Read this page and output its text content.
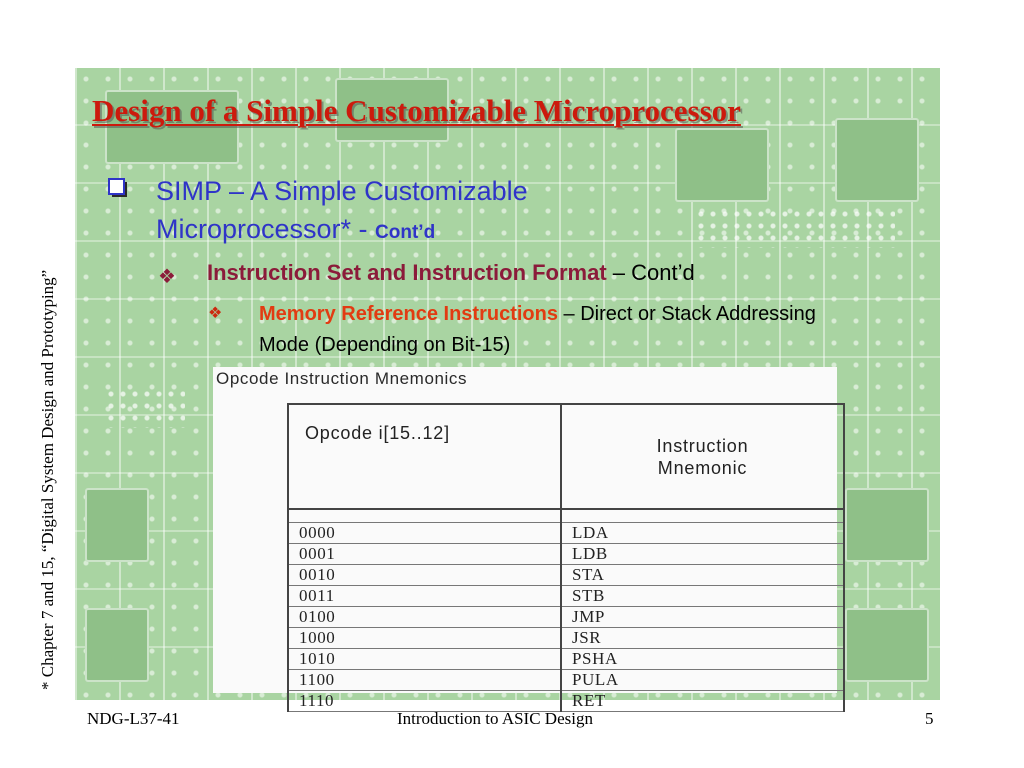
Design of a Simple Customizable Microprocessor
SIMP – A Simple Customizable Microprocessor* - Cont’d
❖ Instruction Set and Instruction Format – Cont’d
❖ Memory Reference Instructions – Direct or Stack Addressing Mode (Depending on Bit-15)
Opcode Instruction Mnemonics
Opcode i[15..12]	Instruction
Mnemonic

0000	LDA
0001	LDB
0010	STA
0011	STB
0100	JMP
1000	JSR
1010	PSHA
1100	PULA
1110	RET
* Chapter 7 and 15, “Digital System Design and Prototyping”
NDG-L37-41	Introduction to ASIC Design	5
